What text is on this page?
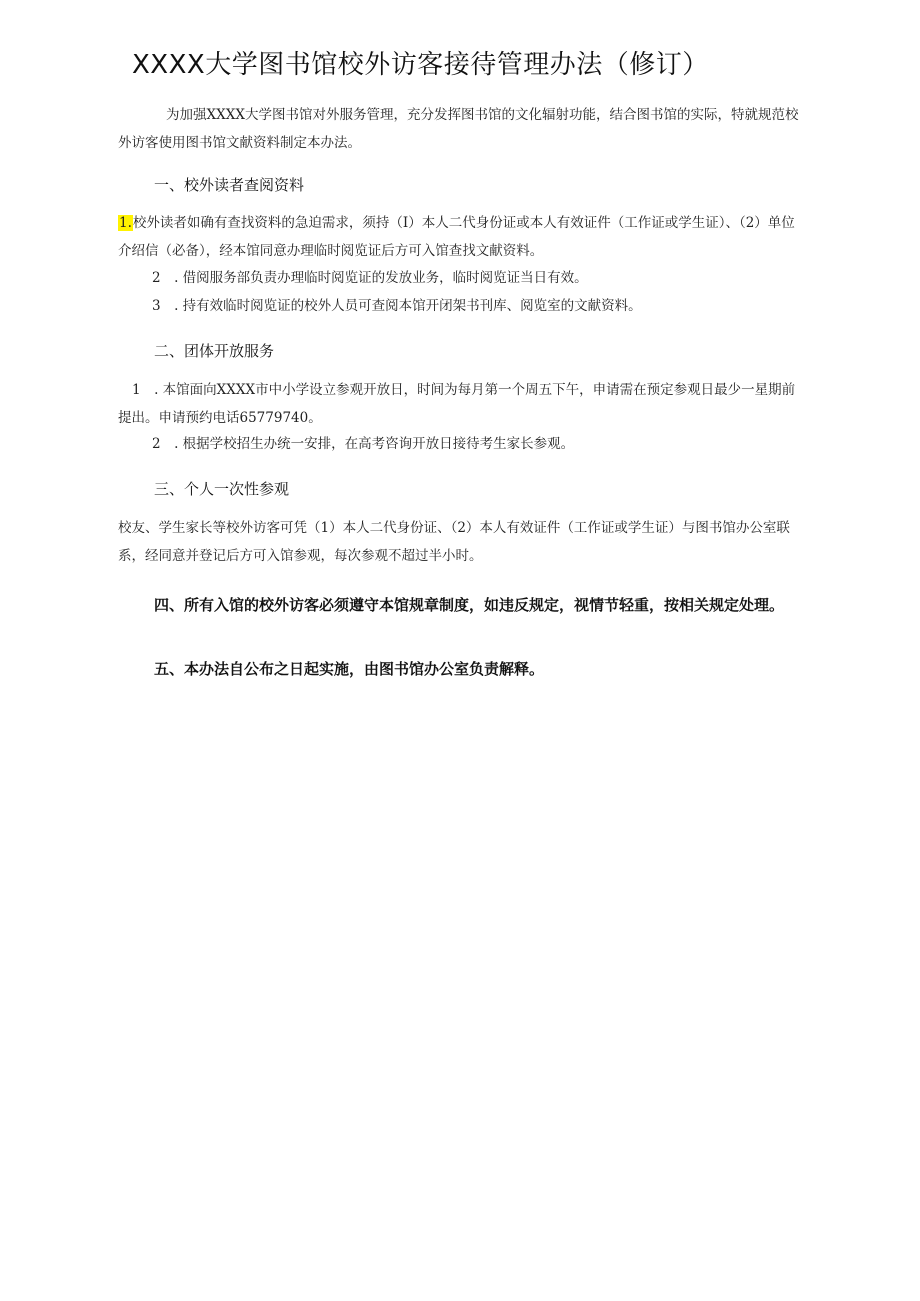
XXXX大学图书馆校外访客接待管理办法（修订）
为加强XXXX大学图书馆对外服务管理，充分发挥图书馆的文化辐射功能，结合图书馆的实际，特就规范校外访客使用图书馆文献资料制定本办法。
一、校外读者查阅资料
1.校外读者如确有查找资料的急迫需求，须持（I）本人二代身份证或本人有效证件（工作证或学生证）、（2）单位介绍信（必备），经本馆同意办理临时阅览证后方可入馆查找文献资料。
2　. 借阅服务部负责办理临时阅览证的发放业务，临时阅览证当日有效。
3　. 持有效临时阅览证的校外人员可查阅本馆开闭架书刊库、阅览室的文献资料。
二、团体开放服务
1　. 本馆面向XXXX市中小学设立参观开放日，时间为每月第一个周五下午，申请需在预定参观日最少一星期前提出。申请预约电话65779740。
2　. 根据学校招生办统一安排，在高考咨询开放日接待考生家长参观。
三、个人一次性参观
校友、学生家长等校外访客可凭（1）本人二代身份证、（2）本人有效证件（工作证或学生证）与图书馆办公室联系，经同意并登记后方可入馆参观，每次参观不超过半小时。
四、所有入馆的校外访客必须遵守本馆规章制度，如违反规定，视情节轻重，按相关规定处理。
五、本办法自公布之日起实施，由图书馆办公室负责解释。
